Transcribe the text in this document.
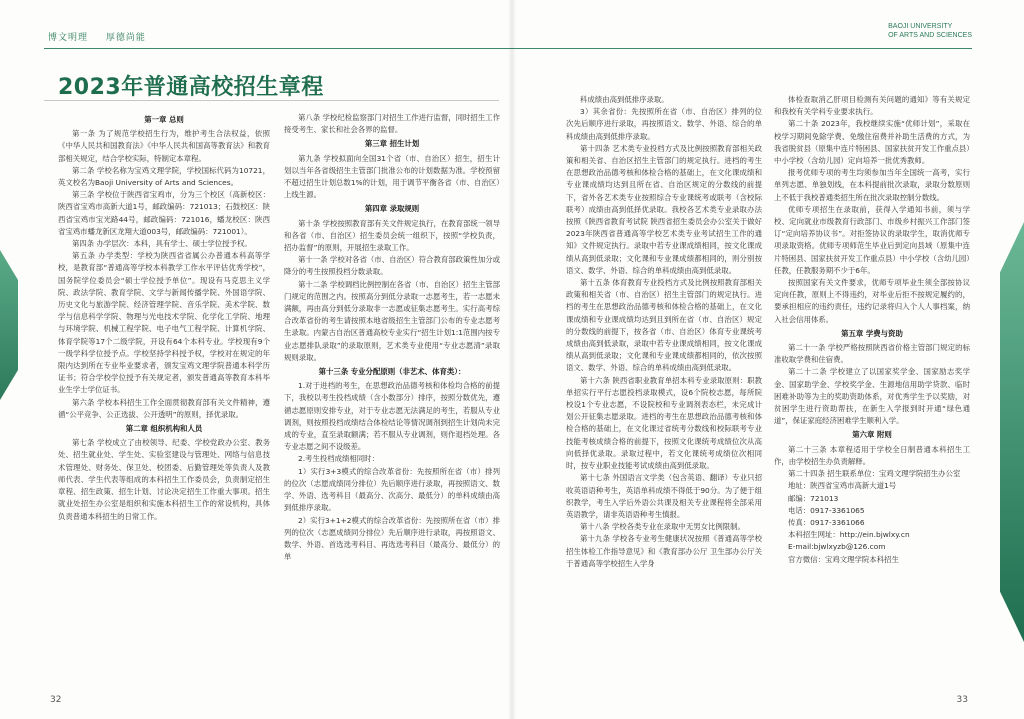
博文明理 厚德尚能
2023年普通高校招生章程

第一章 总则

第一条 为了规范学校招生行为，维护考生合法权益，依照《中华人民共和国教育法》《中华人民共和国高等教育法》和教育部相关规定，结合学校实际，特制定本章程。

第二条 学校名称为宝鸡文理学院，学校国标代码为10721，英文校名为Baoji University of Arts and Sciences。

第三条 学校位于陕西省宝鸡市，分为三个校区（高新校区：陕西省宝鸡市高新大道1号，邮政编码：721013；石鼓校区：陕西省宝鸡市宝光路44号，邮政编码：721016，蟠龙校区：陕西省宝鸡市蟠龙新区龙翔大道003号，邮政编码：721001）。

第四条 办学层次：本科，具有学士、硕士学位授予权。

第五条 办学类型：学校为陕西省省属公办普通本科高等学校，是教育部“普通高等学校本科教学工作水平评估优秀学校”，国务院学位委员会“硕士学位授予单位”。现设有马克思主义学院、政法学院、教育学院、文学与新闻传播学院、外国语学院、历史文化与旅游学院、经济管理学院、音乐学院、美术学院、数学与信息科学学院、物理与光电技术学院、化学化工学院、地理与环境学院、机械工程学院、电子电气工程学院、计算机学院、体育学院等17个二级学院，开设有64个本科专业。学校现有9个一级学科学位授予点。学校坚持学科授予权，学校对在规定的年限内达到所在专业毕业要求者，颁发宝鸡文理学院普通本科学历证书；符合学校学位授予有关规定者，颁发普通高等教育本科毕业生学士学位证书。

第六条 学校本科招生工作全面贯彻教育部有关文件精神，遵循“公平竞争、公正选拔、公开透明”的原则，择优录取。

第二章 组织机构和人员

第七条 学校成立了由校领导、纪委、学校党政办公室、教务处、招生就业处、学生处、实验室建设与管理处、网络与信息技术管理处、财务处、保卫处、校团委、后勤管理处等负责人及教师代表、学生代表等组成的本科招生工作委员会，负责制定招生章程、招生政策、招生计划、讨论决定招生工作重大事项。招生就业处招生办公室是组织和实施本科招生工作的常设机构，具体负责普通本科招生的日常工作。

第八条 学校纪检监察部门对招生工作进行监督，同时招生工作接受考生、家长和社会各界的监督。

第三章 招生计划

第九条 学校拟面向全国31个省（市、自治区）招生，招生计划以当年各省级招生主管部门批准公布的计划数据为准。学校预留不超过招生计划总数1%的计划，用于调节平衡各省（市、自治区）上线生源。

第四章 录取规则

第十条 学校按照教育部有关文件规定执行，在教育部统一领导和各省（市、自治区）招生委员会统一组织下，按照“学校负责，招办监督”的原则，开展招生录取工作。

第十一条 学校对各省（市、自治区）符合教育部政策性加分或降分的考生按照投档分数录取。

第十二条 学校调档比例控制在各省（市、自治区）招生主管部门规定的范围之内。按照高分到低分录取一志愿考生，若一志愿未满额，再由高分到低分录取非一志愿或征集志愿考生。实行高考综合改革省份的考生请按照本地省级招生主管部门公布的专业志愿考生录取。内蒙古自治区普通高校专业实行“招生计划1:1范围内按专业志愿排队录取”的录取原则，艺术类专业使用“专业志愿清”录取规则录取。

第十三条 专业分配原则（非艺术、体育类）：

1.对于进档的考生，在思想政治品德考核和体检均合格的前提下，我校以考生投档成绩（含小数部分）排序，按照分数优先，遵循志愿原则安排专业，对于专业志愿无法满足的考生，若服从专业调剂，则按照投档成绩结合体检结论等情况调剂到招生计划尚未完成的专业，直至录取额满；若不服从专业调剂，则作退档处理。各专业志愿之间不设级差。

2.考生投档成绩相同时：

1）实行3+3模式的综合改革省份：先按照所在省（市）排列的位次（志愿成绩同分排位）先后顺序进行录取，再按照语文、数学、外语、选考科目（最高分、次高分、最低分）的单科成绩由高到低排序录取。

2）实行3+1+2模式的综合改革省份：先按照所在省（市）排列的位次（志愿成绩同分排位）先后顺序进行录取，再按照语文、数学、外语、首选选考科目、再选选考科目（最高分、最低分）的单

32
BAOJI UNIVERSITY
OF ARTS AND SCIENCES

科成绩由高到低排序录取。

3）其余省份：先按照所在省（市、自治区）排列的位次先后顺序进行录取，再按照语文、数学、外语、综合的单科成绩由高到低排序录取。

第十四条 艺术类专业投档方式及比例按照教育部相关政策和相关省、自治区招生主管部门的规定执行。进档的考生在思想政治品德考核和体检合格的基础上，在文化课成绩和专业课成绩均达到且所在省、自治区规定的分数线的前提下，省外各艺术类专业按照综合专业课统考或联考（含校际联考）成绩由高到低择优录取。我校各艺术类专业录取办法按照《陕西省教育考试院 陕西省招生委员会办公室关于做好2023年陕西省普通高等学校艺术类专业考试招生工作的通知》文件规定执行。录取中若专业课成绩相同，按文化课成绩从高到低录取；文化课和专业课成绩都相同的，则分别按语文、数学、外语、综合的单科成绩由高到低录取。

第十五条 体育教育专业投档方式及比例按照教育部相关政策和相关省（市、自治区）招生主管部门的规定执行。进档的考生在思想政治品德考核和体检合格的基础上，在文化课成绩和专业课成绩均达到且到所在省（市、自治区）规定的分数线的前提下，按各省（市、自治区）体育专业课统考成绩由高到低录取，录取中若专业课成绩相同，按文化课成绩从高到低录取；文化课和专业课成绩都相同的，依次按照语文、数学、外语、综合的单科成绩由高到低录取。

第十六条 陕西省职业教育单招本科专业录取原则：职教单招实行平行志愿投档录取模式，设6个院校志愿，每所院校设1个专业志愿，不设院校和专业调剂表态栏，未完成计划公开征集志愿录取。进档的考生在思想政治品德考核和体检合格的基础上，在文化课过省统考分数线和校际联考专业技能考核成绩合格的前提下，按照文化课统考成绩位次从高向低择优录取。录取过程中，若文化课统考成绩位次相同时，按专业职业技能考试成绩由高到低录取。

第十七条 外国语言文学类（包含英语、翻译）专业只招收英语语种考生，英语单科成绩不得低于90分。为了便于组织教学，考生入学后外语公共课及相关专业课程将全部采用英语教学，请非英语语种考生慎报。

第十八条 学校各类专业在录取中无男女比例限制。

第十九条 学校各专业考生健康状况按照《普通高等学校招生体检工作指导意见》和《教育部办公厅 卫生部办公厅关于普通高等学校招生入学身

体检查取消乙肝项目检测有关问题的通知》等有关规定和我校有关学科专业要求执行。

第二十条 2023年，我校继续实施“优师计划”，采取在校学习期间免除学费、免缴住宿费并补助生活费的方式，为我省脱贫县（原集中连片特困县、国家扶贫开发工作重点县）中小学校（含幼儿园）定向培养一批优秀教师。

报考优师专项的考生均须参加当年全国统一高考，实行单列志愿、单独划线，在本科提前批次录取，录取分数原则上不低于我校普通类招生所在批次录取控制分数线。

优师专项招生在录取前，获得入学通知书前，须与学校、定向就业市级教育行政部门、市级乡村振兴工作部门签订“定向培养协议书”。对拒签协议的录取学生，取消优师专项录取资格。优师专项师范生毕业后到定向县域（原集中连片特困县、国家扶贫开发工作重点县）中小学校（含幼儿园）任教，任教服务期不少于6年。

按照国家有关文件要求，优师专项毕业生须全部按协议定向任教，原则上不得违约，对毕业后拒不按规定履约的，要承担相应的违约责任，违约记录将归入个人人事档案，纳入社会信用体系。

第五章 学费与资助

第二十一条 学校严格按照陕西省价格主管部门规定的标准收取学费和住宿费。

第二十二条 学校建立了以国家奖学金、国家励志奖学金、国家助学金、学校奖学金、生源地信用助学贷款、临时困难补助等为主的奖助资助体系，对优秀学生予以奖励，对贫困学生进行资助帮扶，在新生入学报到时开通“绿色通道”，保证家庭经济困难学生顺利入学。

第六章 附则

第二十三条 本章程适用于学校全日制普通本科招生工作，由学校招生办负责解释。

第二十四条 招生联系单位：宝鸡文理学院招生办公室

地址：陕西省宝鸡市高新大道1号

邮编：721013

电话：0917-3361065

传真：0917-3361066

本科招生网址：http://ein.bjwlxy.cn

E-mail:bjwlxyzb@126.com

官方微信：宝鸡文理学院本科招生

33
